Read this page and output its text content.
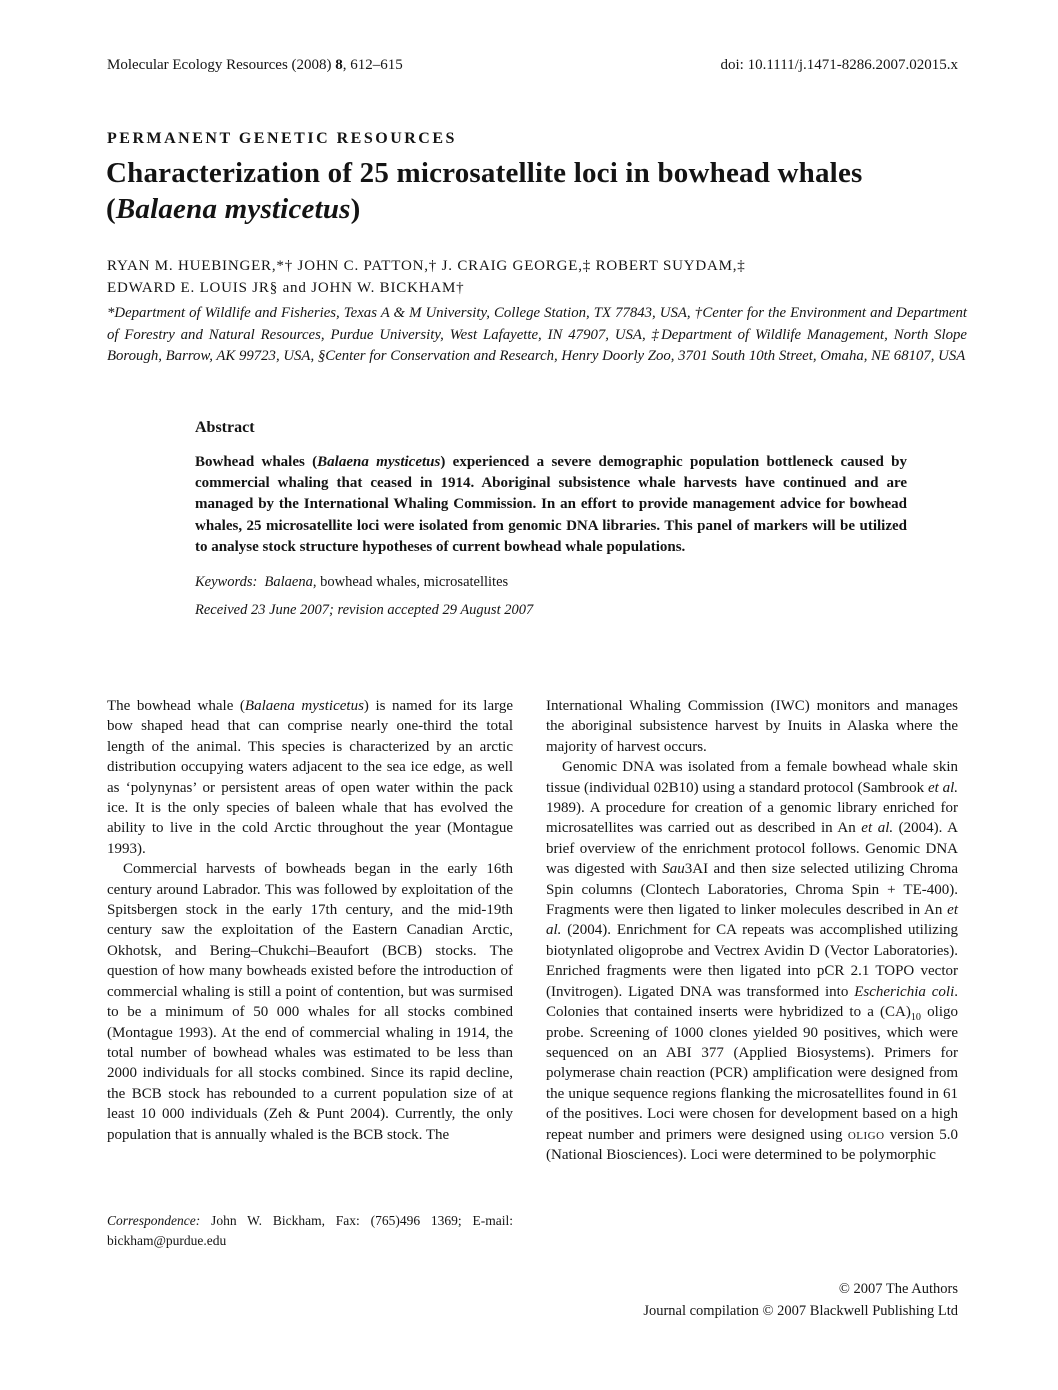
Molecular Ecology Resources (2008) 8, 612–615	doi: 10.1111/j.1471-8286.2007.02015.x
PERMANENT GENETIC RESOURCES
Characterization of 25 microsatellite loci in bowhead whales
(Balaena mysticetus)
RYAN M. HUEBINGER,*† JOHN C. PATTON,† J. CRAIG GEORGE,‡ ROBERT SUYDAM,‡
EDWARD E. LOUIS JR§ and JOHN W. BICKHAM†
*Department of Wildlife and Fisheries, Texas A & M University, College Station, TX 77843, USA, †Center for the Environment and Department of Forestry and Natural Resources, Purdue University, West Lafayette, IN 47907, USA, ‡Department of Wildlife Management, North Slope Borough, Barrow, AK 99723, USA, §Center for Conservation and Research, Henry Doorly Zoo, 3701 South 10th Street, Omaha, NE 68107, USA

Abstract

Bowhead whales (Balaena mysticetus) experienced a severe demographic population bottleneck caused by commercial whaling that ceased in 1914. Aboriginal subsistence whale harvests have continued and are managed by the International Whaling Commission. In an effort to provide management advice for bowhead whales, 25 microsatellite loci were isolated from genomic DNA libraries. This panel of markers will be utilized to analyse stock structure hypotheses of current bowhead whale populations.

Keywords:  Balaena, bowhead whales, microsatellites

Received 23 June 2007; revision accepted 29 August 2007

The bowhead whale (Balaena mysticetus) is named for its large bow shaped head that can comprise nearly one-third the total length of the animal. This species is characterized by an arctic distribution occupying waters adjacent to the sea ice edge, as well as ‘polynynas’ or persistent areas of open water within the pack ice. It is the only species of baleen whale that has evolved the ability to live in the cold Arctic throughout the year (Montague 1993).

Commercial harvests of bowheads began in the early 16th century around Labrador. This was followed by exploitation of the Spitsbergen stock in the early 17th century, and the mid-19th century saw the exploitation of the Eastern Canadian Arctic, Okhotsk, and Bering–Chukchi–Beaufort (BCB) stocks. The question of how many bowheads existed before the introduction of commercial whaling is still a point of contention, but was surmised to be a minimum of 50 000 whales for all stocks combined (Montague 1993). At the end of commercial whaling in 1914, the total number of bowhead whales was estimated to be less than 2000 individuals for all stocks combined. Since its rapid decline, the BCB stock has rebounded to a current population size of at least 10 000 individuals (Zeh & Punt 2004). Currently, the only population that is annually whaled is the BCB stock. The

International Whaling Commission (IWC) monitors and manages the aboriginal subsistence harvest by Inuits in Alaska where the majority of harvest occurs.

Genomic DNA was isolated from a female bowhead whale skin tissue (individual 02B10) using a standard protocol (Sambrook et al. 1989). A procedure for creation of a genomic library enriched for microsatellites was carried out as described in An et al. (2004). A brief overview of the enrichment protocol follows. Genomic DNA was digested with Sau3AI and then size selected utilizing Chroma Spin columns (Clontech Laboratories, Chroma Spin + TE-400). Fragments were then ligated to linker molecules described in An et al. (2004). Enrichment for CA repeats was accomplished utilizing biotynlated oligoprobe and Vectrex Avidin D (Vector Laboratories). Enriched fragments were then ligated into pCR 2.1 TOPO vector (Invitrogen). Ligated DNA was transformed into Escherichia coli. Colonies that contained inserts were hybridized to a $(CA)_{10}$ oligo probe. Screening of 1000 clones yielded 90 positives, which were sequenced on an ABI 377 (Applied Biosystems). Primers for polymerase chain reaction (PCR) amplification were designed from the unique sequence regions flanking the microsatellites found in 61 of the positives. Loci were chosen for development based on a high repeat number and primers were designed using oligo version 5.0 (National Biosciences). Loci were determined to be polymorphic

Correspondence: John W. Bickham, Fax: (765)496 1369; E-mail: bickham@purdue.edu
© 2007 The Authors
Journal compilation © 2007 Blackwell Publishing Ltd
